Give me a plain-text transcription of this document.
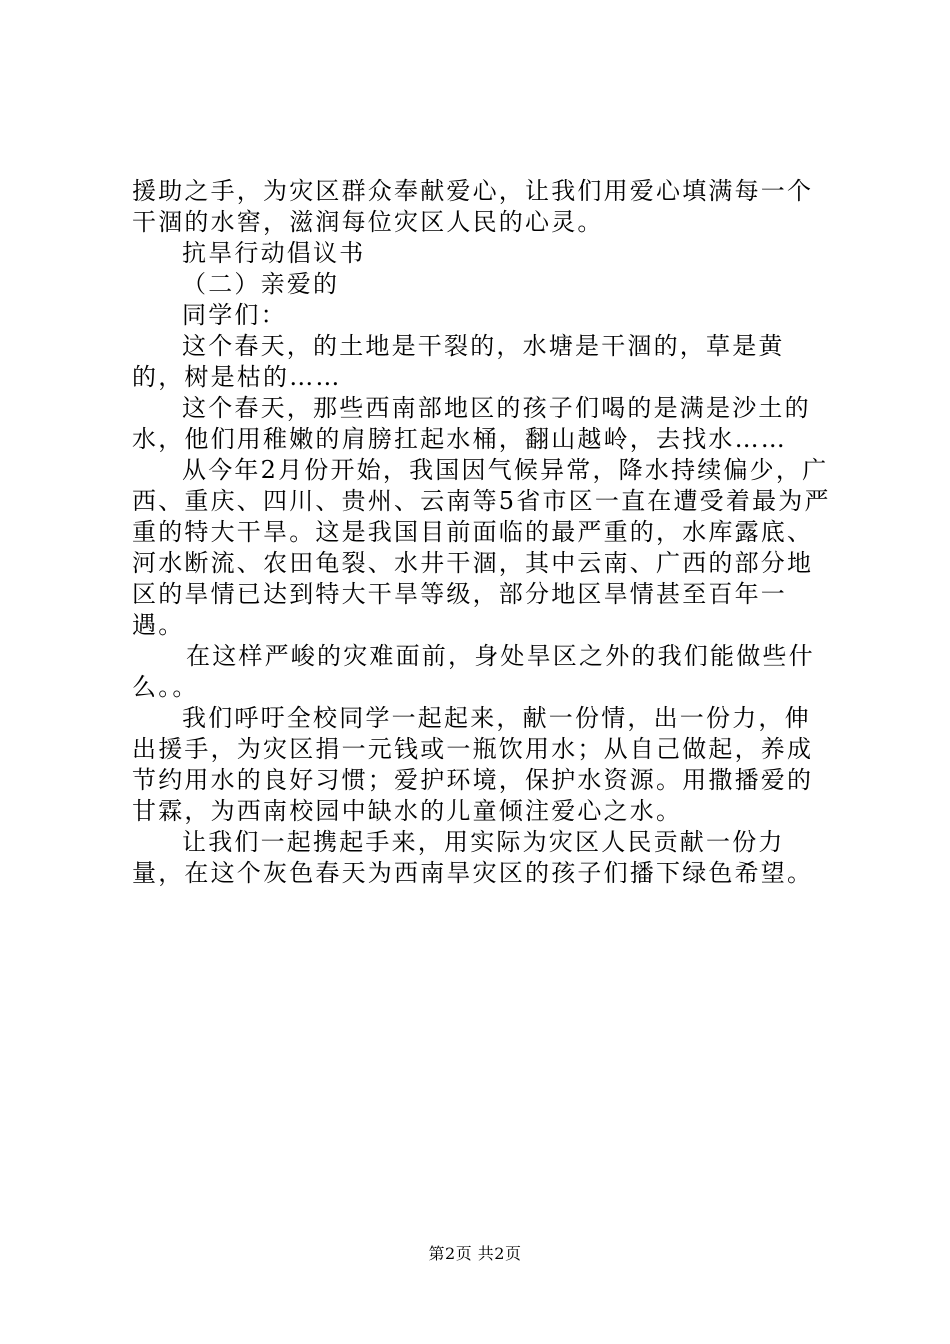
援助之手，为灾区群众奉献爱心，让我们用爱心填满每一个干涸的水窖，滋润每位灾区人民的心灵。

抗旱行动倡议书

（二）亲爱的

同学们：

这个春天，的土地是干裂的，水塘是干涸的，草是黄的，树是枯的……

这个春天，那些西南部地区的孩子们喝的是满是沙土的水，他们用稚嫩的肩膀扛起水桶，翻山越岭，去找水……

从今年2月份开始，我国因气候异常，降水持续偏少，广西、重庆、四川、贵州、云南等5省市区一直在遭受着最为严重的特大干旱。这是我国目前面临的最严重的，水库露底、河水断流、农田龟裂、水井干涸，其中云南、广西的部分地区的旱情已达到特大干旱等级，部分地区旱情甚至百年一遇。

在这样严峻的灾难面前，身处旱区之外的我们能做些什么。。

我们呼吁全校同学一起起来，献一份情，出一份力，伸出援手，为灾区捐一元钱或一瓶饮用水；从自己做起，养成节约用水的良好习惯；爱护环境，保护水资源。用撒播爱的甘霖，为西南校园中缺水的儿童倾注爱心之水。

让我们一起携起手来，用实际为灾区人民贡献一份力量，在这个灰色春天为西南旱灾区的孩子们播下绿色希望。

第2页 共2页
